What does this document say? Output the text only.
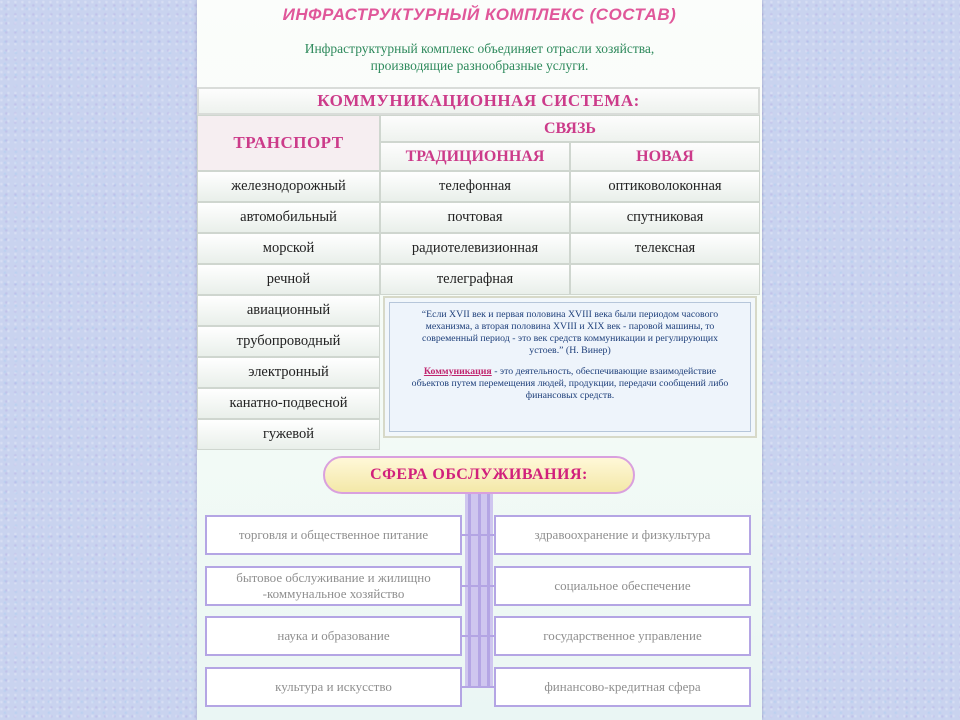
ИНФРАСТРУКТУРНЫЙ КОМПЛЕКС (СОСТАВ)
Инфраструктурный комплекс объединяет отрасли хозяйства,
производящие разнообразные услуги.
КОММУНИКАЦИОННАЯ СИСТЕМА:
ТРАНСПОРТ
СВЯЗЬ
ТРАДИЦИОННАЯ	НОВАЯ
железнодорожный
автомобильный
морской
речной
авиационный
трубопроводный
электронный
канатно-подвесной
гужевой
телефонная
почтовая
радиотелевизионная
телеграфная
оптиковолоконная
спутниковая
телексная
“Если XVII век и первая половина XVIII века были периодом часового механизма, а вторая половина XVIII и XIX век - паровой машины, то современный период - это век средств коммуникации и регулирующих устоев.” (Н. Винер)
Коммуникация - это деятельность, обеспечивающие взаимодействие объектов путем перемещения людей, продукции, передачи сообщений либо финансовых средств.
СФЕРА ОБСЛУЖИВАНИЯ:
торговля и общественное питание
бытовое обслуживание и жилищно -коммунальное хозяйство
наука и образование
культура и искусство
здравоохранение и физкультура
социальное обеспечение
государственное управление
финансово-кредитная сфера
